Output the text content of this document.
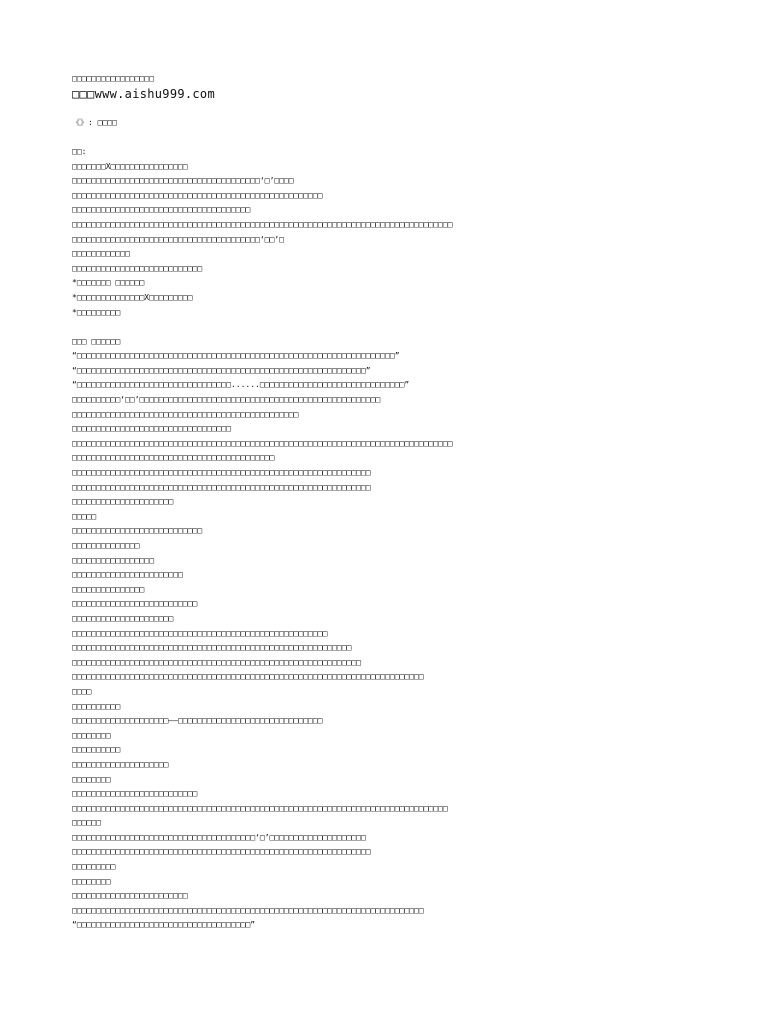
□□□□□□□□□□□□□□□□□
□□□www.aishu999.com
《》: □□□□
□□:
□□□□□□□X□□□□□□□□□□□□□□□□
□□□□□□□□□□□□□□□□□□□□□□□□□□□□□□□□□□□□□□□‘□’□□□□
□□□□□□□□□□□□□□□□□□□□□□□□□□□□□□□□□□□□□□□□□□□□□□□□□□□□
□□□□□□□□□□□□□□□□□□□□□□□□□□□□□□□□□□□□□
□□□□□□□□□□□□□□□□□□□□□□□□□□□□□□□□□□□□□□□□□□□□□□□□□□□□□□□□□□□□□□□□□□□□□□□□□□□□□□□
□□□□□□□□□□□□□□□□□□□□□□□□□□□□□□□□□□□□□□□‘□□’□
□□□□□□□□□□□□
□□□□□□□□□□□□□□□□□□□□□□□□□□□
*□□□□□□□ □□□□□□
*□□□□□□□□□□□□□□X□□□□□□□□□
*□□□□□□□□□
□□□ □□□□□□
“□□□□□□□□□□□□□□□□□□□□□□□□□□□□□□□□□□□□□□□□□□□□□□□□□□□□□□□□□□□□□□□□□□”
“□□□□□□□□□□□□□□□□□□□□□□□□□□□□□□□□□□□□□□□□□□□□□□□□□□□□□□□□□□□□”
“□□□□□□□□□□□□□□□□□□□□□□□□□□□□□□□□......□□□□□□□□□□□□□□□□□□□□□□□□□□□□□□”
□□□□□□□□□□‘□□’□□□□□□□□□□□□□□□□□□□□□□□□□□□□□□□□□□□□□□□□□□□□□□□□□□
□□□□□□□□□□□□□□□□□□□□□□□□□□□□□□□□□□□□□□□□□□□□□□□
□□□□□□□□□□□□□□□□□□□□□□□□□□□□□□□□□
□□□□□□□□□□□□□□□□□□□□□□□□□□□□□□□□□□□□□□□□□□□□□□□□□□□□□□□□□□□□□□□□□□□□□□□□□□□□□□□
□□□□□□□□□□□□□□□□□□□□□□□□□□□□□□□□□□□□□□□□□□
□□□□□□□□□□□□□□□□□□□□□□□□□□□□□□□□□□□□□□□□□□□□□□□□□□□□□□□□□□□□□□
□□□□□□□□□□□□□□□□□□□□□□□□□□□□□□□□□□□□□□□□□□□□□□□□□□□□□□□□□□□□□□
□□□□□□□□□□□□□□□□□□□□□
□□□□□
□□□□□□□□□□□□□□□□□□□□□□□□□□□
□□□□□□□□□□□□□□
□□□□□□□□□□□□□□□□□
□□□□□□□□□□□□□□□□□□□□□□□
□□□□□□□□□□□□□□□
□□□□□□□□□□□□□□□□□□□□□□□□□□
□□□□□□□□□□□□□□□□□□□□□
□□□□□□□□□□□□□□□□□□□□□□□□□□□□□□□□□□□□□□□□□□□□□□□□□□□□□
□□□□□□□□□□□□□□□□□□□□□□□□□□□□□□□□□□□□□□□□□□□□□□□□□□□□□□□□□□
□□□□□□□□□□□□□□□□□□□□□□□□□□□□□□□□□□□□□□□□□□□□□□□□□□□□□□□□□□□□
□□□□□□□□□□□□□□□□□□□□□□□□□□□□□□□□□□□□□□□□□□□□□□□□□□□□□□□□□□□□□□□□□□□□□□□□□
□□□□
□□□□□□□□□□
□□□□□□□□□□□□□□□□□□□□——□□□□□□□□□□□□□□□□□□□□□□□□□□□□□□
□□□□□□□□
□□□□□□□□□□
□□□□□□□□□□□□□□□□□□□□
□□□□□□□□
□□□□□□□□□□□□□□□□□□□□□□□□□□
□□□□□□□□□□□□□□□□□□□□□□□□□□□□□□□□□□□□□□□□□□□□□□□□□□□□□□□□□□□□□□□□□□□□□□□□□□□□□□
□□□□□□
□□□□□□□□□□□□□□□□□□□□□□□□□□□□□□□□□□□□□□‘□’□□□□□□□□□□□□□□□□□□□□
□□□□□□□□□□□□□□□□□□□□□□□□□□□□□□□□□□□□□□□□□□□□□□□□□□□□□□□□□□□□□□
□□□□□□□□□
□□□□□□□□
□□□□□□□□□□□□□□□□□□□□□□□□
□□□□□□□□□□□□□□□□□□□□□□□□□□□□□□□□□□□□□□□□□□□□□□□□□□□□□□□□□□□□□□□□□□□□□□□□□
“□□□□□□□□□□□□□□□□□□□□□□□□□□□□□□□□□□□□”
